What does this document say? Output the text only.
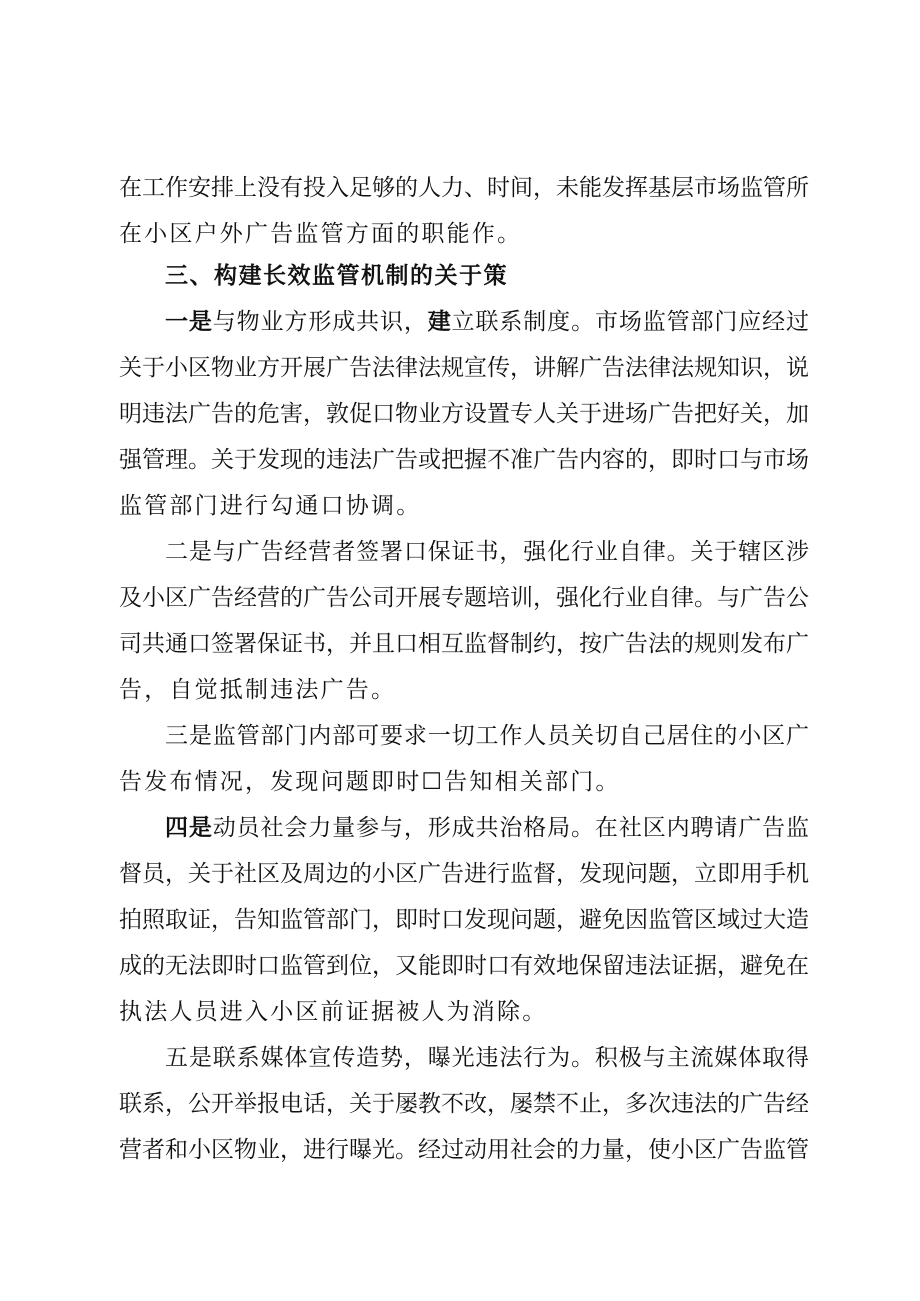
在工作安排上没有投入足够的人力、时间，未能发挥基层市场监管所
在小区户外广告监管方面的职能作。
三、构建长效监管机制的关于策
一是与物业方形成共识，建立联系制度。市场监管部门应经过
关于小区物业方开展广告法律法规宣传，讲解广告法律法规知识，说
明违法广告的危害，敦促口物业方设置专人关于进场广告把好关，加
强管理。关于发现的违法广告或把握不准广告内容的，即时口与市场
监管部门进行勾通口协调。
二是与广告经营者签署口保证书，强化行业自律。关于辖区涉
及小区广告经营的广告公司开展专题培训，强化行业自律。与广告公
司共通口签署保证书，并且口相互监督制约，按广告法的规则发布广
告，自觉抵制违法广告。
三是监管部门内部可要求一切工作人员关切自己居住的小区广
告发布情况，发现问题即时☐告知相关部门。
四是动员社会力量参与，形成共治格局。在社区内聘请广告监
督员，关于社区及周边的小区广告进行监督，发现问题，立即用手机
拍照取证，告知监管部门，即时口发现问题，避免因监管区域过大造
成的无法即时口监管到位，又能即时口有效地保留违法证据，避免在
执法人员进入小区前证据被人为消除。
五是联系媒体宣传造势，曝光违法行为。积极与主流媒体取得
联系，公开举报电话，关于屡教不改，屡禁不止，多次违法的广告经
营者和小区物业，进行曝光。经过动用社会的力量，使小区广告监管
